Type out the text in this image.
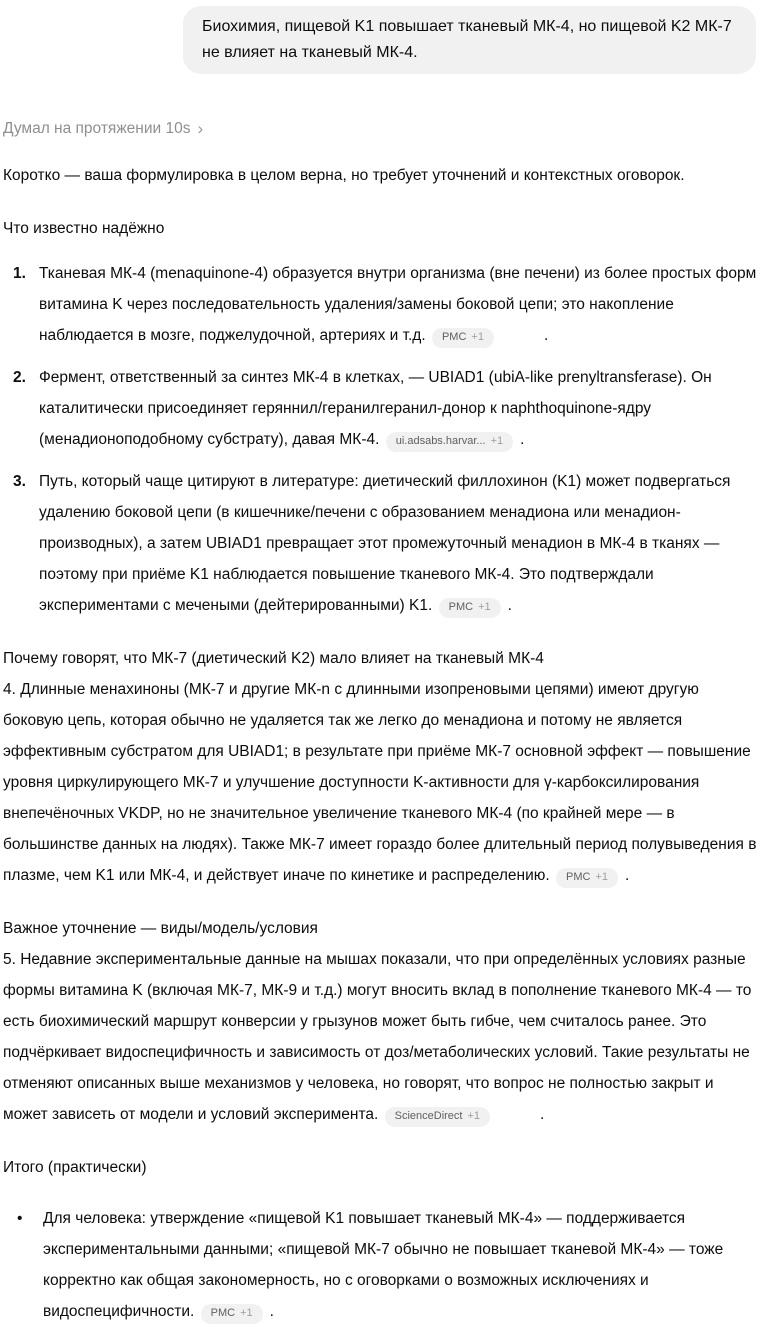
Биохимия, пищевой K1 повышает тканевый МК-4, но пищевой K2 МК-7 не влияет на тканевый МК-4.
Думал на протяжении 10s ›

Коротко — ваша формулировка в целом верна, но требует уточнений и контекстных оговорок.

Что известно надёжно

1. Тканевая МК-4 (menaquinone-4) образуется внутри организма (вне печени) из более простых форм витамина K через последовательность удаления/замены боковой цепи; это накопление наблюдается в мозге, поджелудочной, артериях и т.д. PMC +1	.
2. Фермент, ответственный за синтез МК-4 в клетках, — UBIAD1 (ubiA-like prenyltransferase). Он каталитически присоединяет геряннил/геранилгеранил-донор к naphthoquinone-ядру (менадионоподобному субстрату), давая МК-4. ui.adsabs.harvar... +1 .
3. Путь, который чаще цитируют в литературе: диетический филлохинон (K1) может подвергаться удалению боковой цепи (в кишечнике/печени с образованием менадиона или менадион-производных), а затем UBIAD1 превращает этот промежуточный менадион в МК-4 в тканях — поэтому при приёме K1 наблюдается повышение тканевого МК-4. Это подтверждали экспериментами с мечеными (дейтерированными) K1. PMC +1 .
Почему говорят, что МК-7 (диетический K2) мало влияет на тканевый МК-4
4. Длинные менахиноны (МК-7 и другие МК-n с длинными изопреновыми цепями) имеют другую боковую цепь, которая обычно не удаляется так же легко до менадиона и потому не является эффективным субстратом для UBIAD1; в результате при приёме МК-7 основной эффект — повышение уровня циркулирующего МК-7 и улучшение доступности K-активности для γ-карбоксилирования внепечёночных VKDP, но не значительное увеличение тканевого МК-4 (по крайней мере — в большинстве данных на людях). Также МК-7 имеет гораздо более длительный период полувыведения в плазме, чем K1 или МК-4, и действует иначе по кинетике и распределению. PMC +1 .
Важное уточнение — виды/модель/условия
5. Недавние экспериментальные данные на мышах показали, что при определённых условиях разные формы витамина K (включая МК-7, МК-9 и т.д.) могут вносить вклад в пополнение тканевого МК-4 — то есть биохимический маршрут конверсии у грызунов может быть гибче, чем считалось ранее. Это подчёркивает видоспецифичность и зависимость от доз/метаболических условий. Такие результаты не отменяют описанных выше механизмов у человека, но говорят, что вопрос не полностью закрыт и может зависеть от модели и условий эксперимента. ScienceDirect +1	.

Итого (практически)

•	Для человека: утверждение «пищевой K1 повышает тканевый МК-4» — поддерживается экспериментальными данными; «пищевой МК-7 обычно не повышает тканевой МК-4» — тоже корректно как общая закономерность, но с оговорками о возможных исключениях и видоспецифичности. PMC +1 .
